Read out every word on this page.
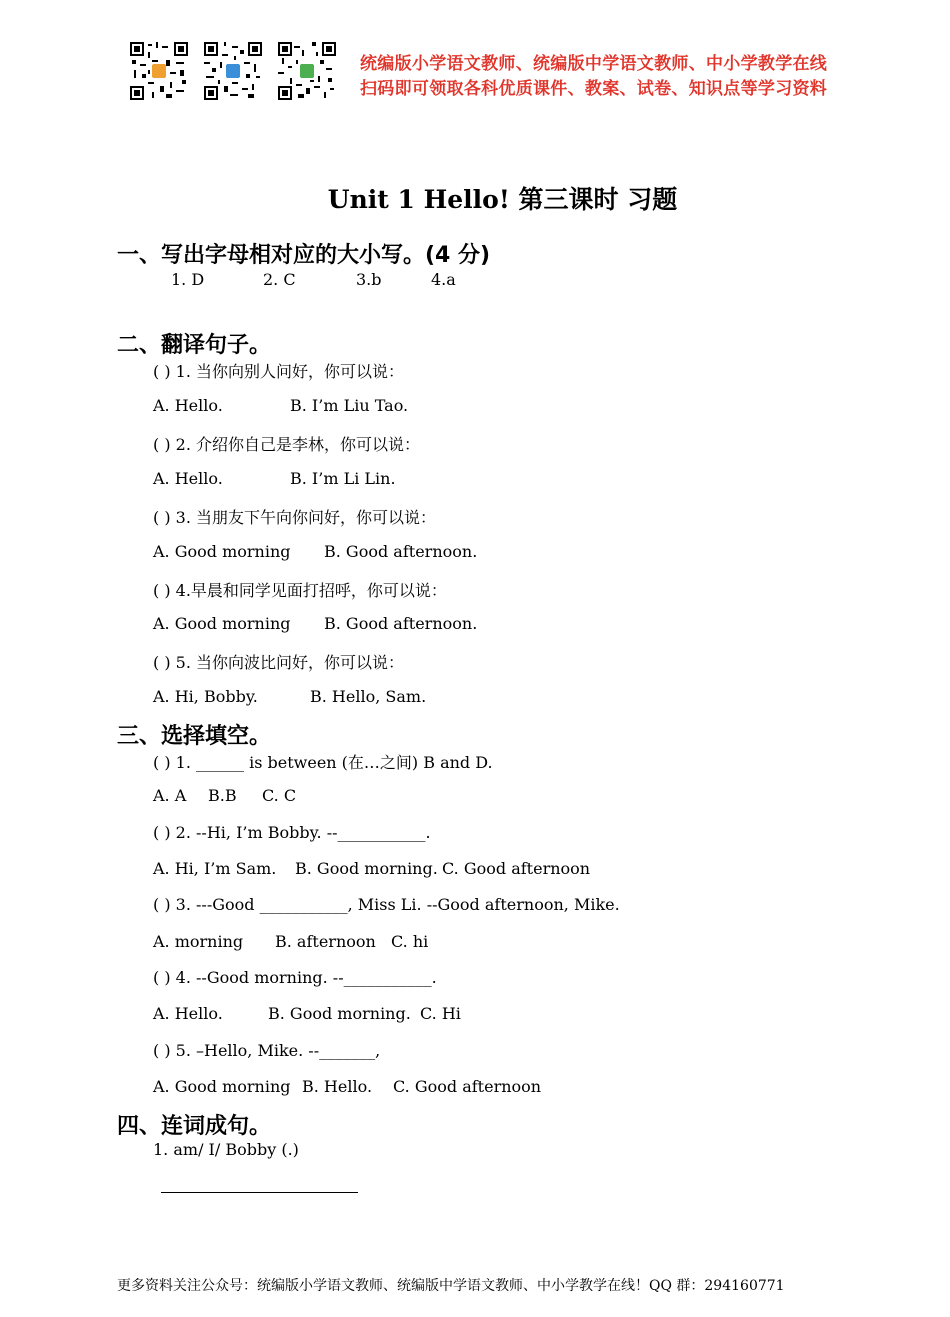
统编版小学语文教师、统编版中学语文教师、中小学教学在线
扫码即可领取各科优质课件、教案、试卷、知识点等学习资料
Unit 1 Hello! 第三课时 习题
一、写出字母相对应的大小写。(4 分)
1. D	2. C	3.b	4.a
二、翻译句子。
( ) 1. 当你向别人问好，你可以说：
A. Hello.	B. I’m Liu Tao.
( ) 2. 介绍你自己是李林，你可以说：
A. Hello.	B. I’m Li Lin.
( ) 3. 当朋友下午向你问好，你可以说：
A. Good morning B. Good afternoon.
( ) 4.早晨和同学见面打招呼，你可以说：
A. Good morning B. Good afternoon.
( ) 5. 当你向波比问好，你可以说：
A. Hi, Bobby.	B. Hello, Sam.
三、选择填空。
( ) 1. ______ is between (在…之间) B and D.
A. A B.B C. C
( ) 2. --Hi, I’m Bobby. --___________.
A. Hi, I’m Sam. B. Good morning. C. Good afternoon
( ) 3. ---Good ___________, Miss Li. --Good afternoon, Mike.
A. morning B. afternoon C. hi
( ) 4. --Good morning. --___________.
A. Hello.	B. Good morning. C. Hi
( ) 5. –Hello, Mike. --_______,
A. Good morning B. Hello. C. Good afternoon
四、连词成句。
1. am/ I/ Bobby (.)
更多资料关注公众号：统编版小学语文教师、统编版中学语文教师、中小学教学在线！QQ 群：294160771
